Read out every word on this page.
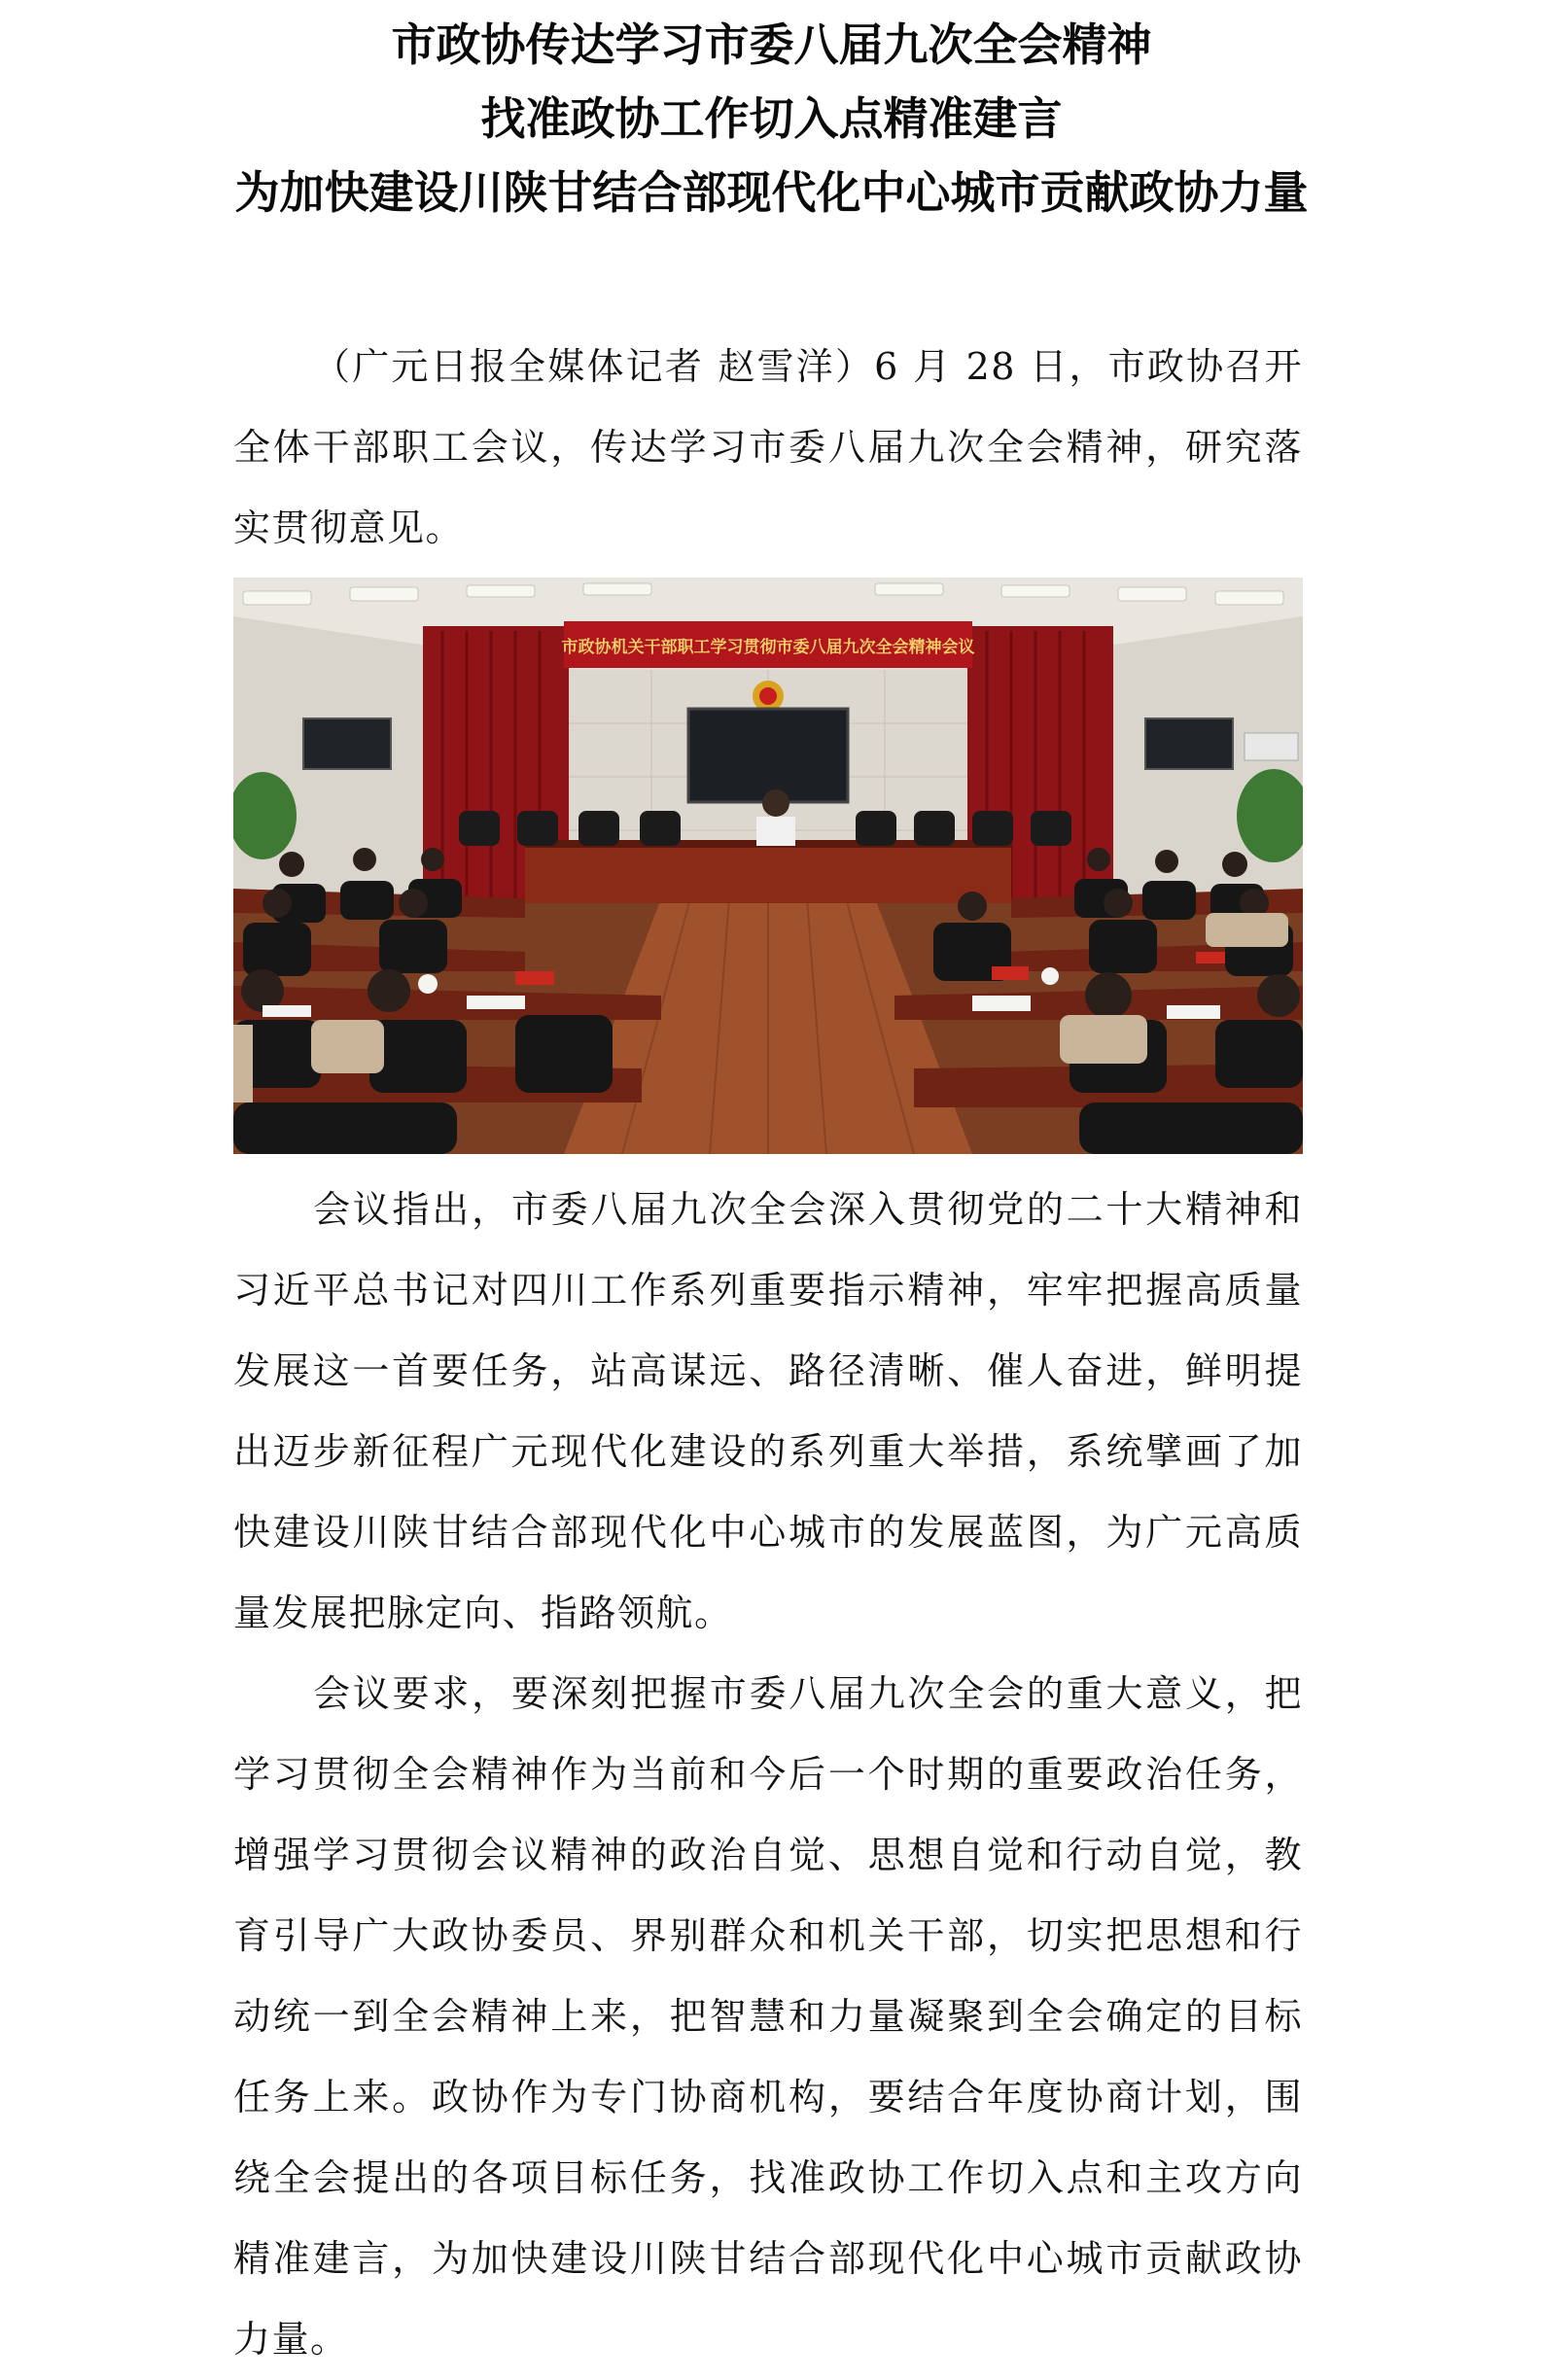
市政协传达学习市委八届九次全会精神
找准政协工作切入点精准建言
为加快建设川陕甘结合部现代化中心城市贡献政协力量

（广元日报全媒体记者 赵雪洋）6 月 28 日，市政协召开全体干部职工会议，传达学习市委八届九次全会精神，研究落实贯彻意见。

市政协机关干部职工学习贯彻市委八届九次全会精神会议

会议指出，市委八届九次全会深入贯彻党的二十大精神和习近平总书记对四川工作系列重要指示精神，牢牢把握高质量发展这一首要任务，站高谋远、路径清晰、催人奋进，鲜明提出迈步新征程广元现代化建设的系列重大举措，系统擘画了加快建设川陕甘结合部现代化中心城市的发展蓝图，为广元高质量发展把脉定向、指路领航。

会议要求，要深刻把握市委八届九次全会的重大意义，把学习贯彻全会精神作为当前和今后一个时期的重要政治任务，增强学习贯彻会议精神的政治自觉、思想自觉和行动自觉，教育引导广大政协委员、界别群众和机关干部，切实把思想和行动统一到全会精神上来，把智慧和力量凝聚到全会确定的目标任务上来。政协作为专门协商机构，要结合年度协商计划，围绕全会提出的各项目标任务，找准政协工作切入点和主攻方向精准建言，为加快建设川陕甘结合部现代化中心城市贡献政协力量。
